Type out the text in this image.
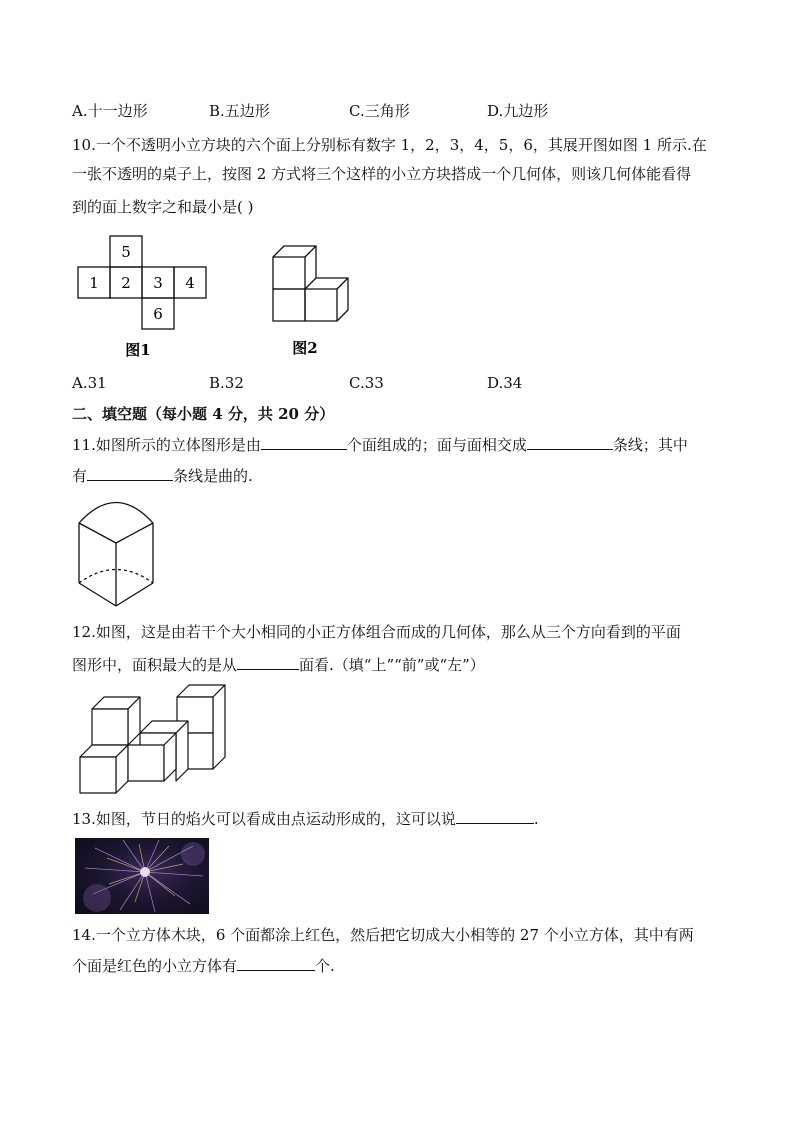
A.十一边形	B.五边形	C.三角形	D.九边形
10.一个不透明小立方块的六个面上分别标有数字 1，2，3，4，5，6，其展开图如图 1 所示.在
一张不透明的桌子上，按图 2 方式将三个这样的小立方块搭成一个几何体，则该几何体能看得
到的面上数字之和最小是( )
5
1 2 3 4
6
图1	图2
A.31	B.32	C.33	D.34
二、填空题（每小题 4 分，共 20 分）
11.如图所示的立体图形是由	个面组成的；面与面相交成	条线；其中
有	条线是曲的.
12.如图，这是由若干个大小相同的小正方体组合而成的几何体，那么从三个方向看到的平面
图形中，面积最大的是从	面看.（填“上”“前”或“左”）
13.如图，节日的焰火可以看成由点运动形成的，这可以说	.
14.一个立方体木块，6 个面都涂上红色，然后把它切成大小相等的 27 个小立方体，其中有两
个面是红色的小立方体有	个.
